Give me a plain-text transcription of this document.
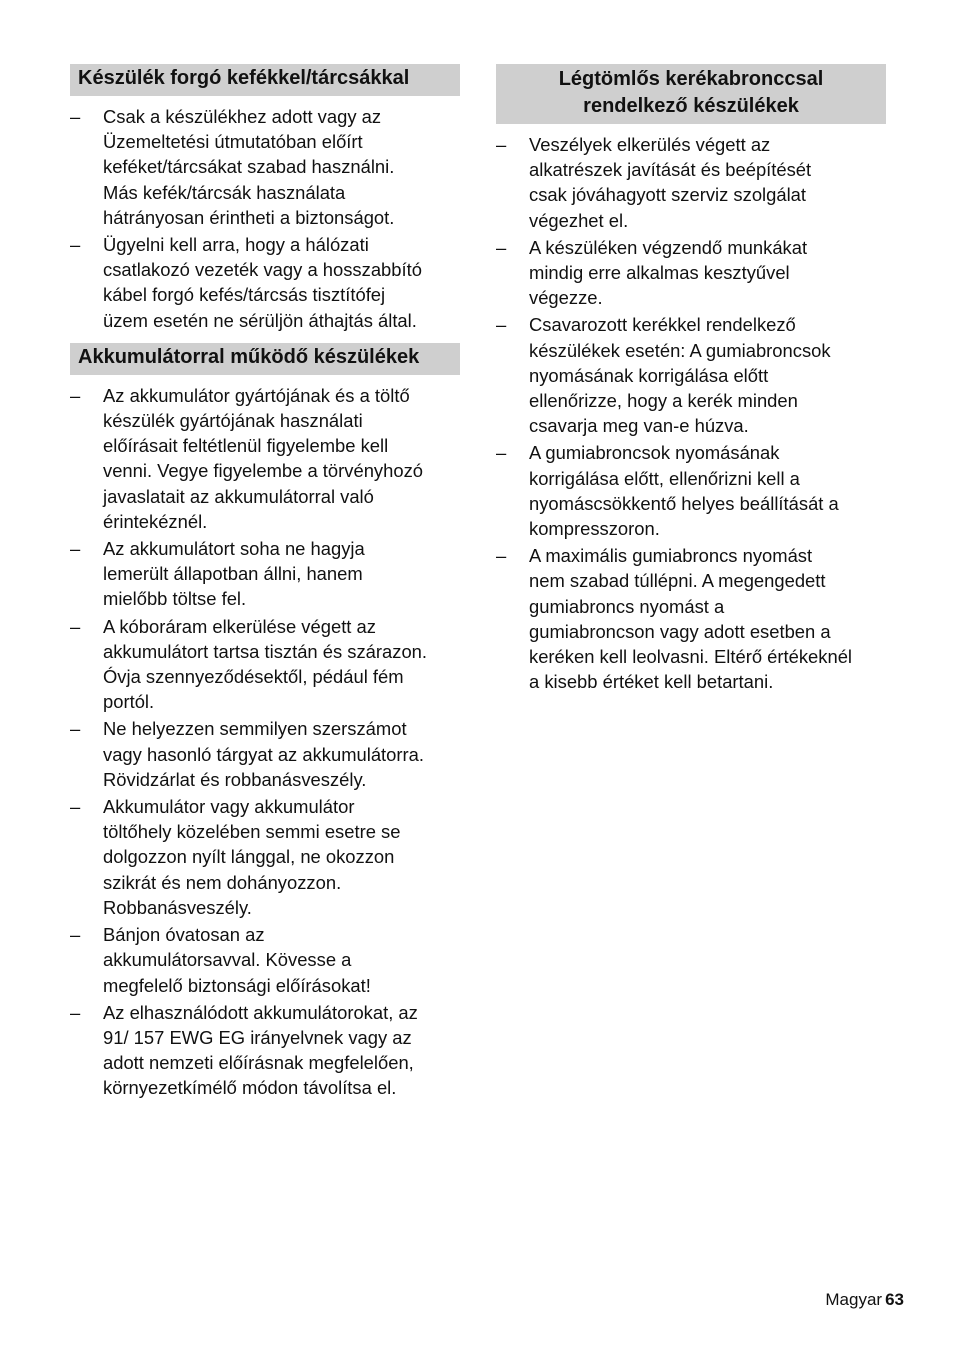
Készülék forgó kefékkel/tárcsákkal
– Csak a készülékhez adott vagy az
Üzemeltetési útmutatóban előírt
keféket/tárcsákat szabad használni.
Más kefék/tárcsák használata
hátrányosan érintheti a biztonságot.
– Ügyelni kell arra, hogy a hálózati
csatlakozó vezeték vagy a hosszabbító
kábel forgó kefés/tárcsás tisztítófej
üzem esetén ne sérüljön áthajtás által.
Akkumulátorral működő készülékek
– Az akkumulátor gyártójának és a töltő
készülék gyártójának használati
előírásait feltétlenül figyelembe kell
venni. Vegye figyelembe a törvényhozó
javaslatait az akkumulátorral való
érintekéznél.
– Az akkumulátort soha ne hagyja
lemerült állapotban állni, hanem
mielőbb töltse fel.
– A kóboráram elkerülése végett az
akkumulátort tartsa tisztán és szárazon.
Óvja szennyeződésektől, pédául fém
portól.
– Ne helyezzen semmilyen szerszámot
vagy hasonló tárgyat az akkumulátorra.
Rövidzárlat és robbanásveszély.
– Akkumulátor vagy akkumulátor
töltőhely közelében semmi esetre se
dolgozzon nyílt lánggal, ne okozzon
szikrát és nem dohányozzon.
Robbanásveszély.
– Bánjon óvatosan az
akkumulátorsavval. Kövesse a
megfelelő biztonsági előírásokat!
– Az elhasználódott akkumulátorokat, az
91/ 157 EWG EG irányelvnek vagy az
adott nemzeti előírásnak megfelelően,
környezetkímélő módon távolítsa el.
Légtömlős kerékabronccsal
rendelkező készülékek
– Veszélyek elkerülés végett az
alkatrészek javítását és beépítését
csak jóváhagyott szerviz szolgálat
végezhet el.
– A készüléken végzendő munkákat
mindig erre alkalmas kesztyűvel
végezze.
– Csavarozott kerékkel rendelkező
készülékek esetén: A gumiabroncsok
nyomásának korrigálása előtt
ellenőrizze, hogy a kerék minden
csavarja meg van-e húzva.
– A gumiabroncsok nyomásának
korrigálása előtt, ellenőrizni kell a
nyomáscsökkentő helyes beállítását a
kompresszoron.
– A maximális gumiabroncs nyomást
nem szabad túllépni. A megengedett
gumiabroncs nyomást a
gumiabroncson vagy adott esetben a
keréken kell leolvasni. Eltérő értékeknél
a kisebb értéket kell betartani.
Magyar 63
